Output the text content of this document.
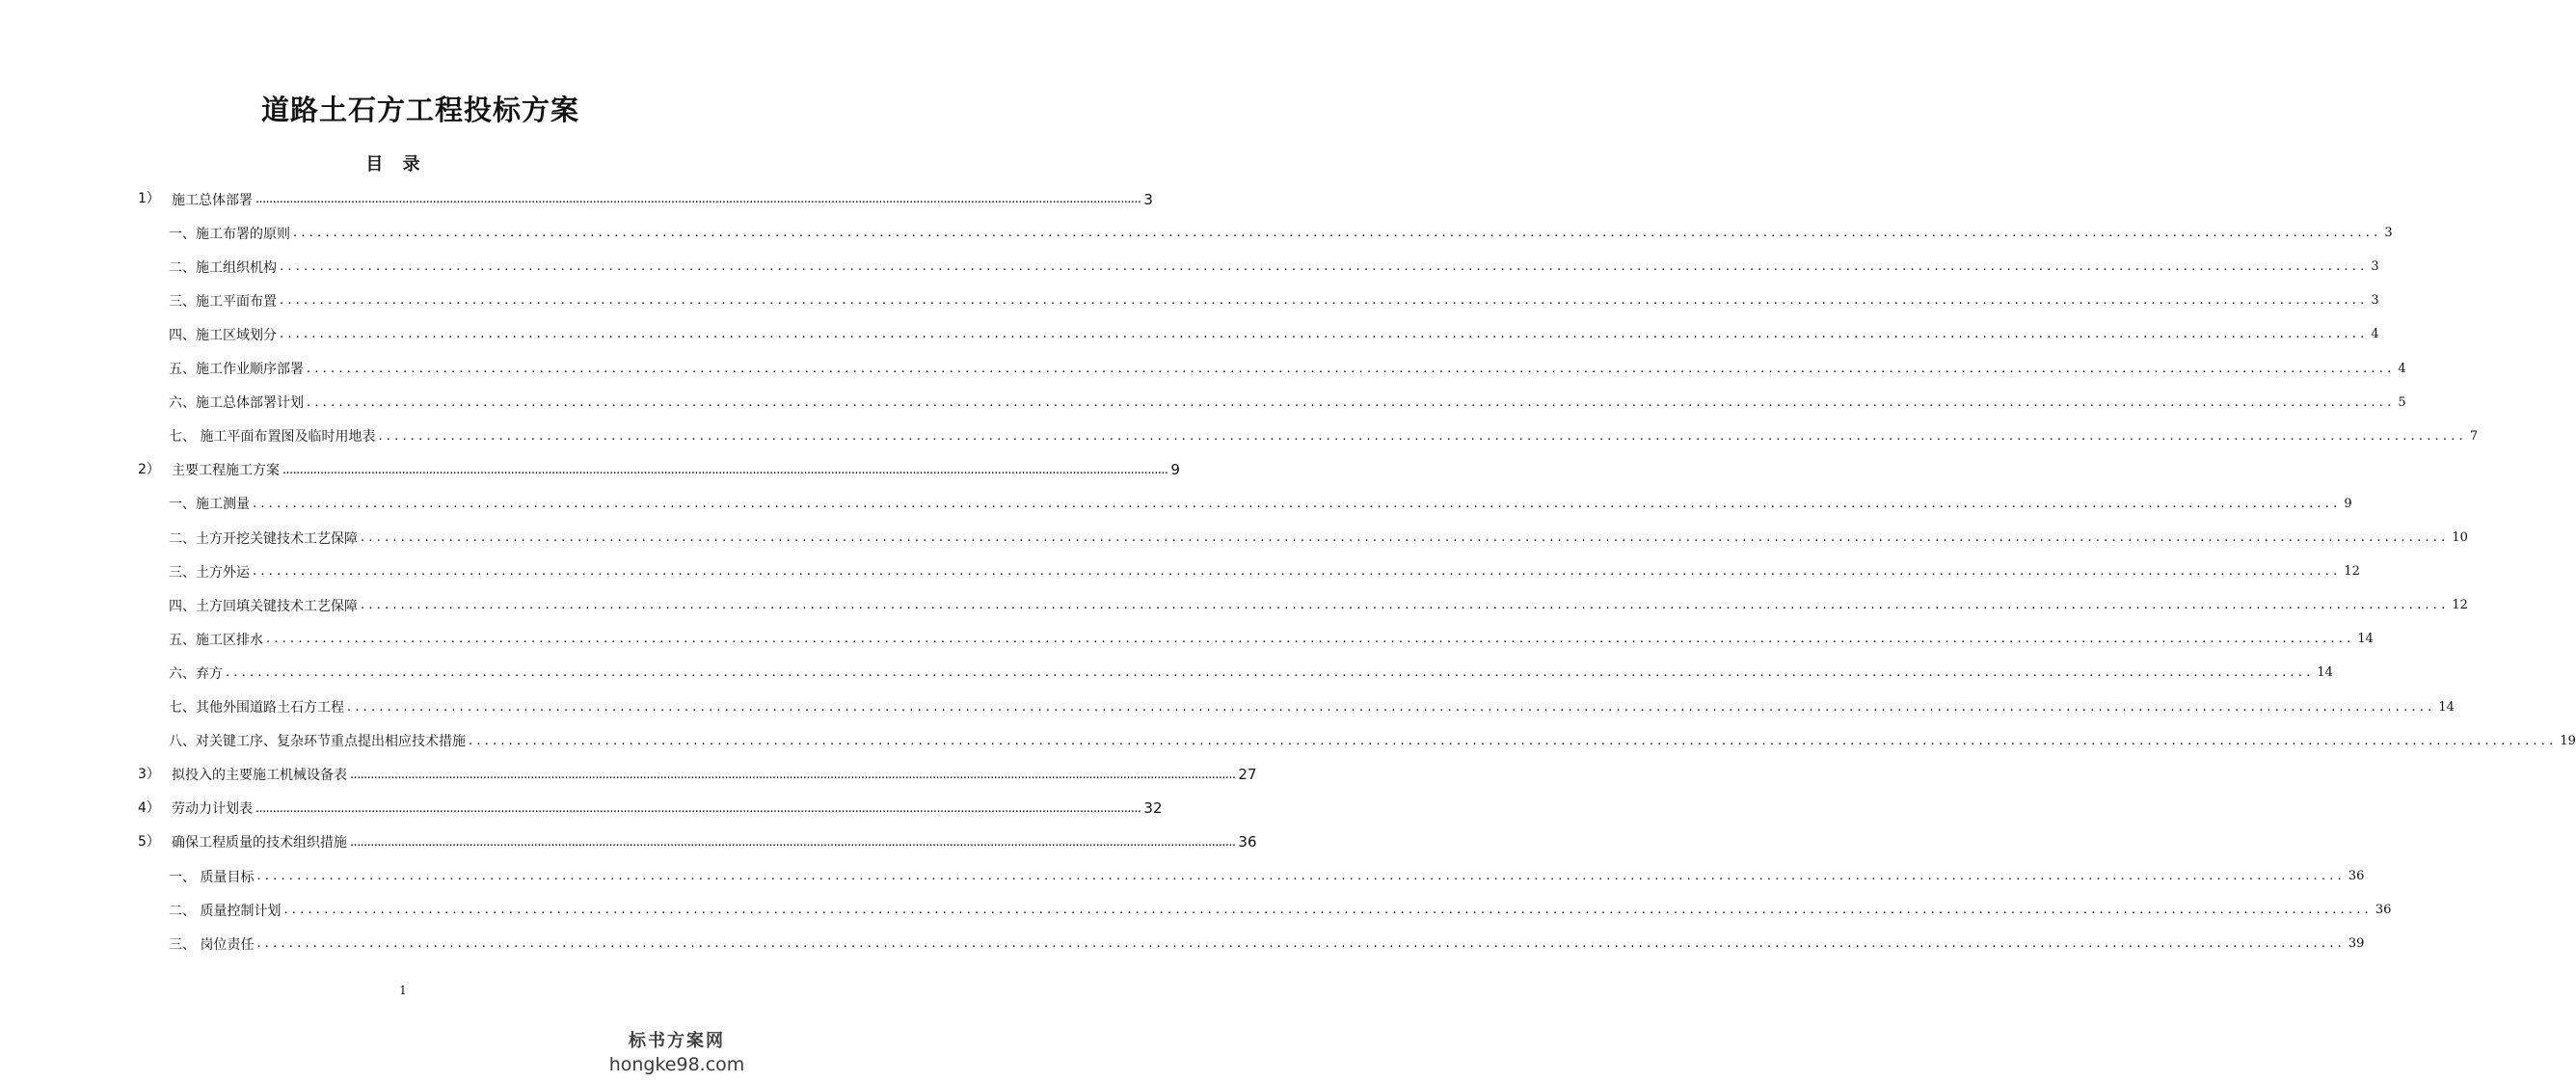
道路土石方工程投标方案
目 录
1） 施工总体部署 .................................................................................................................................................................................................................................................................... 3
一、施工布署的原则 .................................................................................................................................................................................................................................................................... 3
二、施工组织机构 .................................................................................................................................................................................................................................................................... 3
三、施工平面布置 .................................................................................................................................................................................................................................................................... 3
四、施工区域划分 .................................................................................................................................................................................................................................................................... 4
五、施工作业顺序部署 .................................................................................................................................................................................................................................................................... 4
六、施工总体部署计划 .................................................................................................................................................................................................................................................................... 5
七、 施工平面布置图及临时用地表 .................................................................................................................................................................................................................................................................... 7
2） 主要工程施工方案 .................................................................................................................................................................................................................................................................... 9
一、施工测量 .................................................................................................................................................................................................................................................................... 9
二、土方开挖关键技术工艺保障 .................................................................................................................................................................................................................................................................... 10
三、土方外运 .................................................................................................................................................................................................................................................................... 12
四、土方回填关键技术工艺保障 .................................................................................................................................................................................................................................................................... 12
五、施工区排水 .................................................................................................................................................................................................................................................................... 14
六、弃方 .................................................................................................................................................................................................................................................................... 14
七、其他外围道路土石方工程 .................................................................................................................................................................................................................................................................... 14
八、对关键工序、复杂环节重点提出相应技术措施 .................................................................................................................................................................................................................................................................... 19
3） 拟投入的主要施工机械设备表 .................................................................................................................................................................................................................................................................... 27
4） 劳动力计划表 .................................................................................................................................................................................................................................................................... 32
5） 确保工程质量的技术组织措施 .................................................................................................................................................................................................................................................................... 36
一、 质量目标 .................................................................................................................................................................................................................................................................... 36
二、 质量控制计划 .................................................................................................................................................................................................................................................................... 36
三、 岗位责任 .................................................................................................................................................................................................................................................................... 39
1
标书方案网
hongke98.com
